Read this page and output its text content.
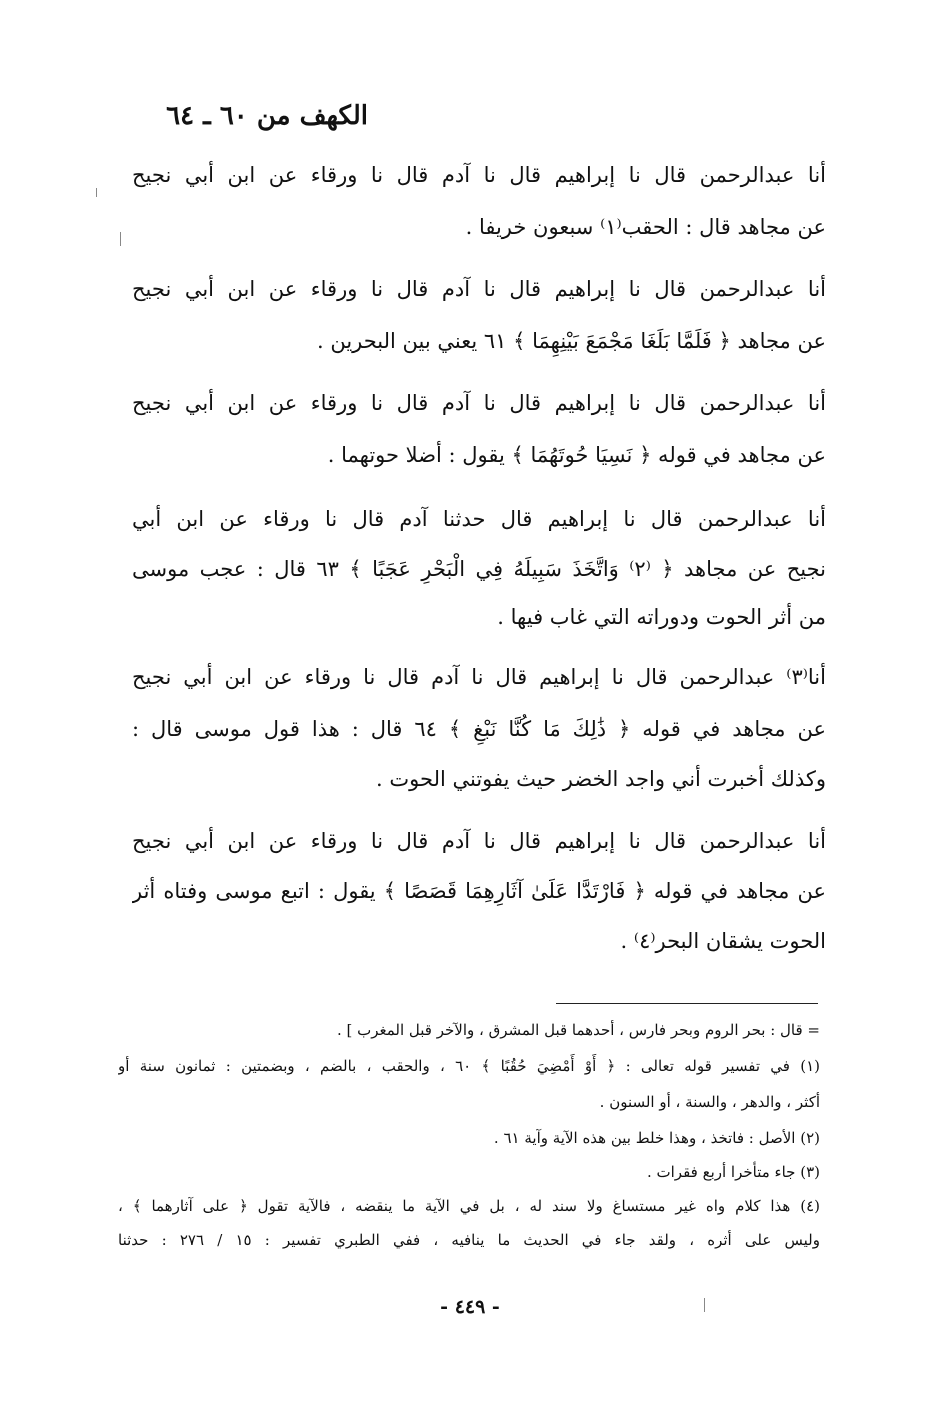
الكهف من ٦٠ ـ ٦٤
أنا عبدالرحمن قال نا إبراهيم قال نا آدم قال نا ورقاء عن ابن أبي نجيح
عن مجاهد قال : الحقب⁽١⁾ سبعون خريفا .
أنا عبدالرحمن قال نا إبراهيم قال نا آدم قال نا ورقاء عن ابن أبي نجيح
عن مجاهد ﴿ فَلَمَّا بَلَغَا مَجْمَعَ بَيْنِهِمَا ﴾ ٦١ يعني بين البحرين .
أنا عبدالرحمن قال نا إبراهيم قال نا آدم قال نا ورقاء عن ابن أبي نجيح
عن مجاهد في قوله ﴿ نَسِيَا حُوتَهُمَا ﴾ يقول : أضلا حوتهما .
أنا عبدالرحمن قال نا إبراهيم قال حدثنا آدم قال نا ورقاء عن ابن أبي
نجيح عن مجاهد ﴿ ⁽٢⁾ وَاتَّخَذَ سَبِيلَهُ فِي الْبَحْرِ عَجَبًا ﴾ ٦٣ قال : عجب موسى
من أثر الحوت ودوراته التي غاب فيها .
أنا⁽٣⁾ عبدالرحمن قال نا إبراهيم قال نا آدم قال نا ورقاء عن ابن أبي نجيح
عن مجاهد في قوله ﴿ ذَٰلِكَ مَا كُنَّا نَبْغِ ﴾ ٦٤ قال : هذا قول موسى قال :
وكذلك أخبرت أني واجد الخضر حيث يفوتني الحوت .
أنا عبدالرحمن قال نا إبراهيم قال نا آدم قال نا ورقاء عن ابن أبي نجيح
عن مجاهد في قوله ﴿ فَارْتَدَّا عَلَىٰ آثَارِهِمَا قَصَصًا ﴾ يقول : اتبع موسى وفتاه أثر
الحوت يشقان البحر⁽٤⁾ .
= قال : بحر الروم وبحر فارس ، أحدهما قبل المشرق ، والآخر قبل المغرب ] .
(١) في تفسير قوله تعالى : ﴿ أَوْ أَمْضِيَ حُقُبًا ﴾ ٦٠ ، والحقب ، بالضم ، وبضمتين : ثمانون سنة أو
أكثر ، والدهر ، والسنة ، أو السنون .
(٢) الأصل : فاتخذ ، وهذا خلط بين هذه الآية وآية ٦١ .
(٣) جاء متأخرا أربع فقرات .
(٤) هذا كلام واه غير مستساغ ولا سند له ، بل في الآية ما ينقضه ، فالآية تقول ﴿ على آثارهما ﴾ ،
وليس على أثره ، ولقد جاء في الحديث ما ينافيه ، ففي الطبري تفسير : ١٥ / ٢٧٦ : حدثنا
- ٤٤٩ -
